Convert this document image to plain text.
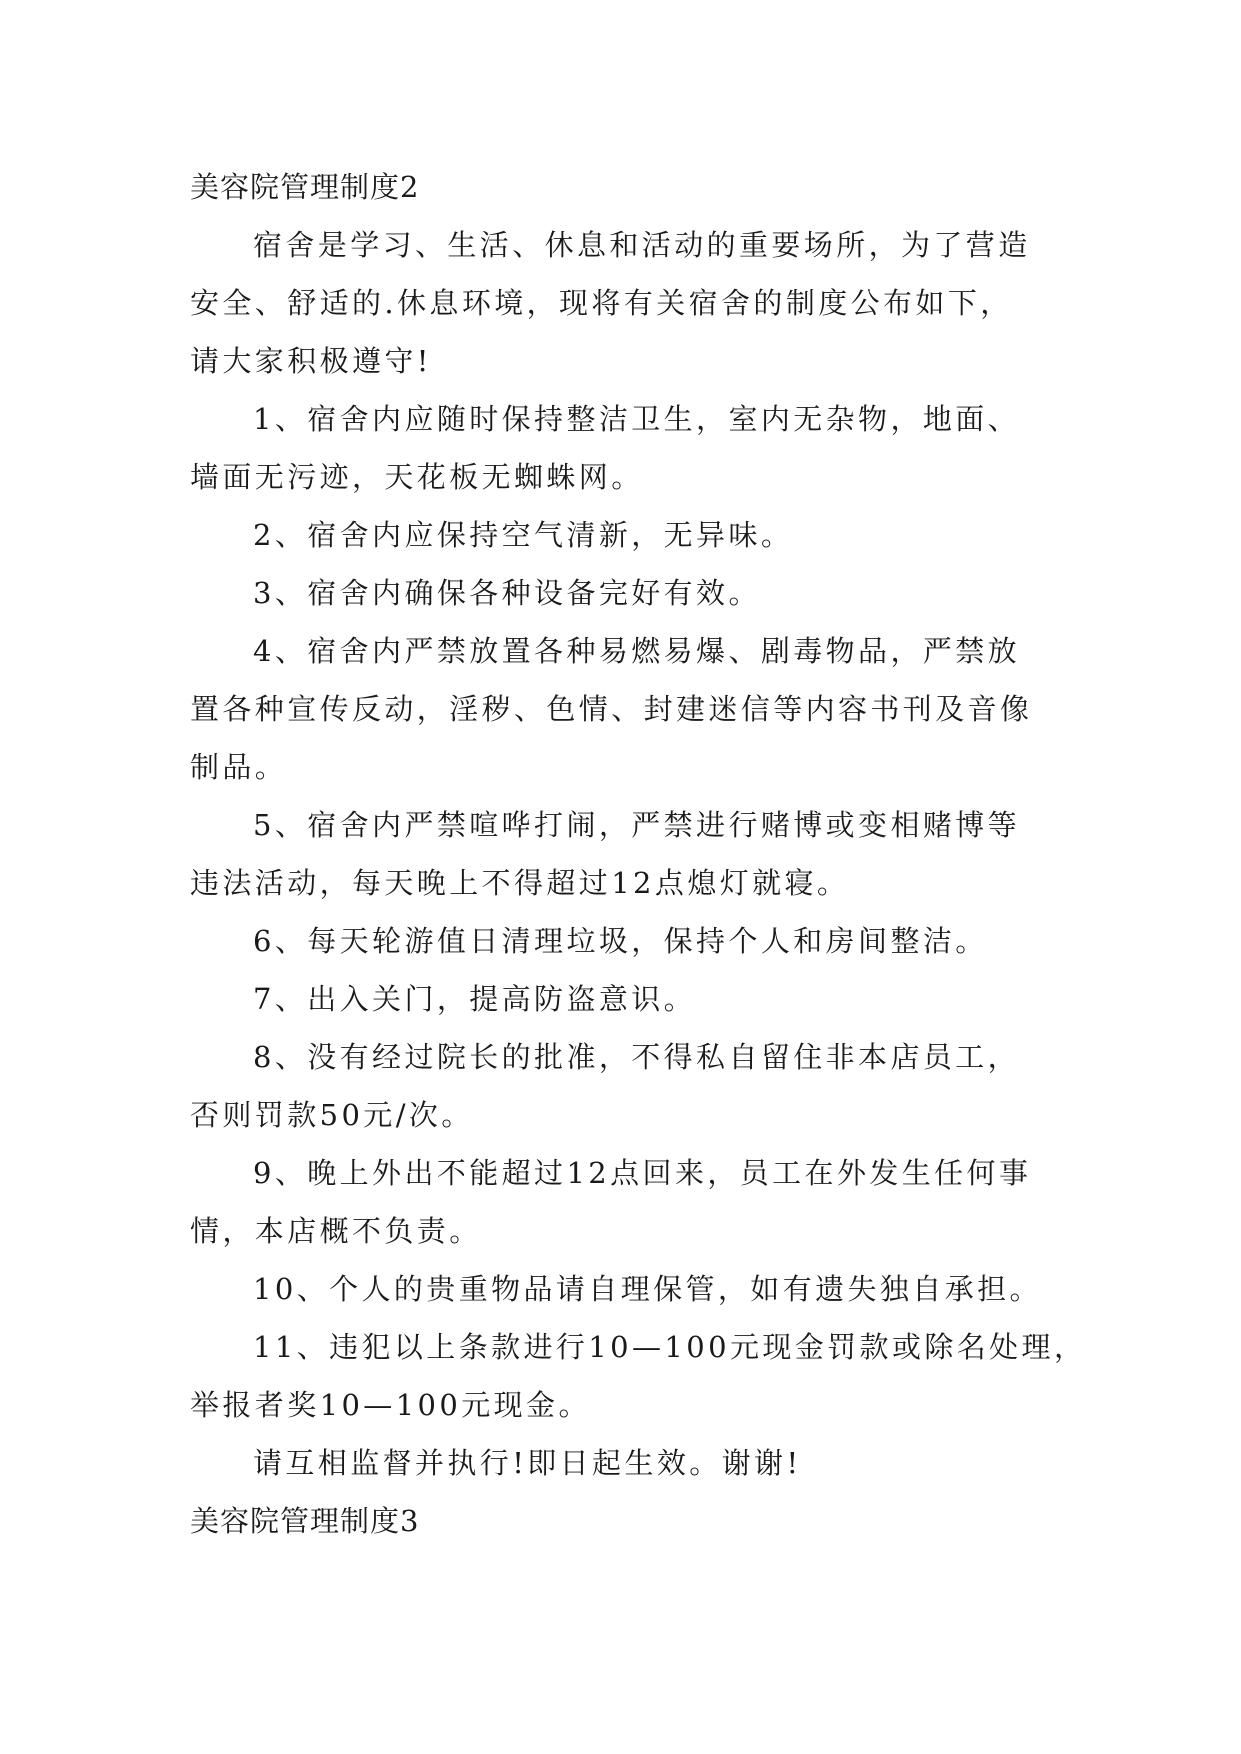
美容院管理制度2
宿舍是学习、生活、休息和活动的重要场所，为了营造
安全、舒适的.休息环境，现将有关宿舍的制度公布如下，
请大家积极遵守!
1、宿舍内应随时保持整洁卫生，室内无杂物，地面、
墙面无污迹，天花板无蜘蛛网。
2、宿舍内应保持空气清新，无异味。
3、宿舍内确保各种设备完好有效。
4、宿舍内严禁放置各种易燃易爆、剧毒物品，严禁放
置各种宣传反动，淫秽、色情、封建迷信等内容书刊及音像
制品。
5、宿舍内严禁喧哗打闹，严禁进行赌博或变相赌博等
违法活动，每天晚上不得超过12点熄灯就寝。
6、每天轮游值日清理垃圾，保持个人和房间整洁。
7、出入关门，提高防盗意识。
8、没有经过院长的批准，不得私自留住非本店员工，
否则罚款50元/次。
9、晚上外出不能超过12点回来，员工在外发生任何事
情，本店概不负责。
10、个人的贵重物品请自理保管，如有遗失独自承担。
11、违犯以上条款进行10—100元现金罚款或除名处理，
举报者奖10—100元现金。
请互相监督并执行!即日起生效。谢谢!
美容院管理制度3
